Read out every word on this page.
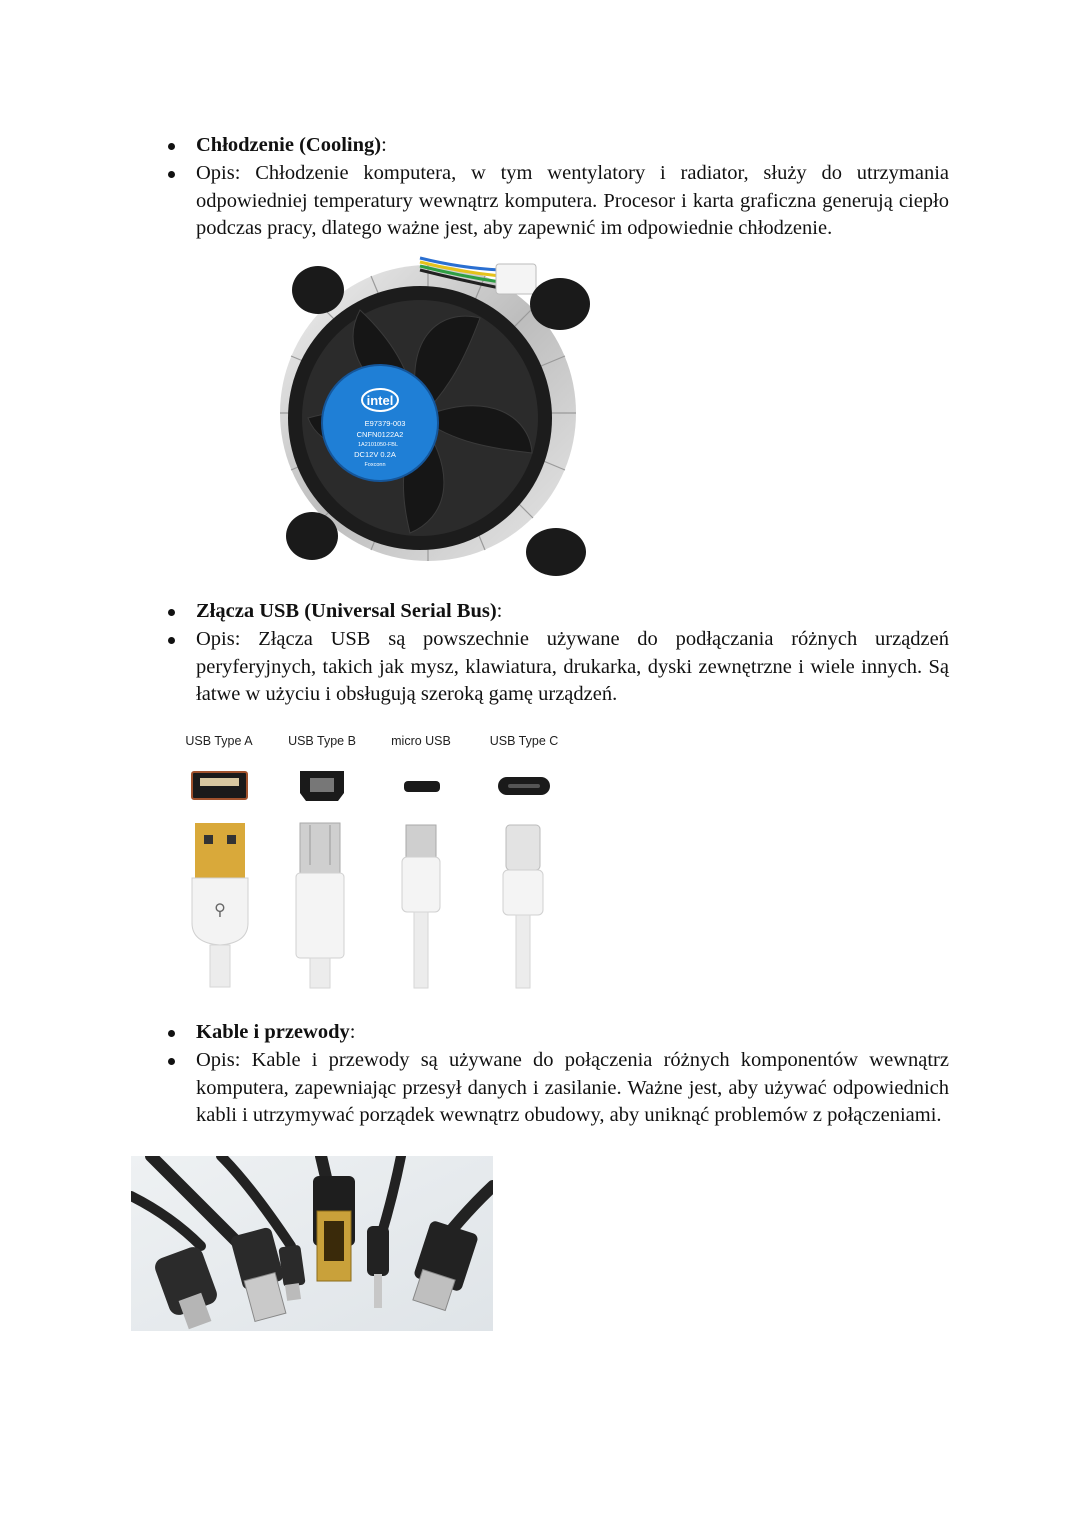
Chłodzenie (Cooling):
Opis: Chłodzenie komputera, w tym wentylatory i radiator, służy do utrzymania odpowiedniej temperatury wewnątrz komputera. Procesor i karta graficzna generują ciepło podczas pracy, dlatego ważne jest, aby zapewnić im odpowiednie chłodzenie.
intel
E97379-003
CNFN0122A2
1A2101050-FBL
DC12V 0.2A
Foxconn
Złącza USB (Universal Serial Bus):
Opis: Złącza USB są powszechnie używane do podłączania różnych urządzeń peryferyjnych, takich jak mysz, klawiatura, drukarka, dyski zewnętrzne i wiele innych. Są łatwe w użyciu i obsługują szeroką gamę urządzeń.
USB Type A	USB Type B	micro USB	USB Type C
⚲
Kable i przewody:
Opis: Kable i przewody są używane do połączenia różnych komponentów wewnątrz komputera, zapewniając przesył danych i zasilanie. Ważne jest, aby używać odpowiednich kabli i utrzymywać porządek wewnątrz obudowy, aby uniknąć problemów z połączeniami.
